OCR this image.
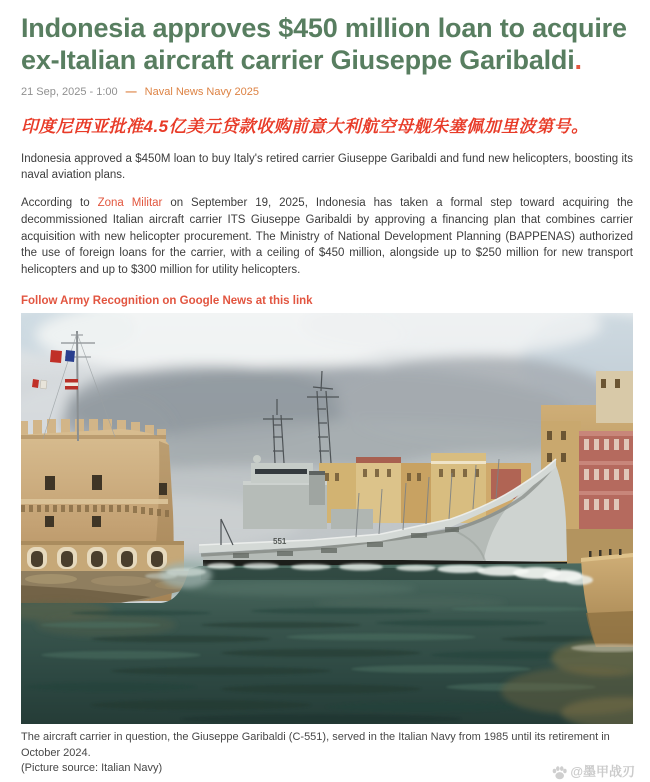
Indonesia approves $450 million loan to acquire ex-Italian aircraft carrier Giuseppe Garibaldi.
21 Sep, 2025 - 1:00 — Naval News Navy 2025
印度尼西亚批准4.5亿美元贷款收购前意大利航空母舰朱塞佩加里波第号。

Indonesia approved a $450M loan to buy Italy's retired carrier Giuseppe Garibaldi and fund new helicopters, boosting its naval aviation plans.

According to Zona Militar on September 19, 2025, Indonesia has taken a formal step toward acquiring the decommissioned Italian aircraft carrier ITS Giuseppe Garibaldi by approving a financing plan that combines carrier acquisition with new helicopter procurement. The Ministry of National Development Planning (BAPPENAS) authorized the use of foreign loans for the carrier, with a ceiling of $450 million, alongside up to $250 million for new transport helicopters and up to $300 million for utility helicopters.

Follow Army Recognition on Google News at this link
551
The aircraft carrier in question, the Giuseppe Garibaldi (C-551), served in the Italian Navy from 1985 until its retirement in October 2024.
(Picture source: Italian Navy)	@墨甲战刃
